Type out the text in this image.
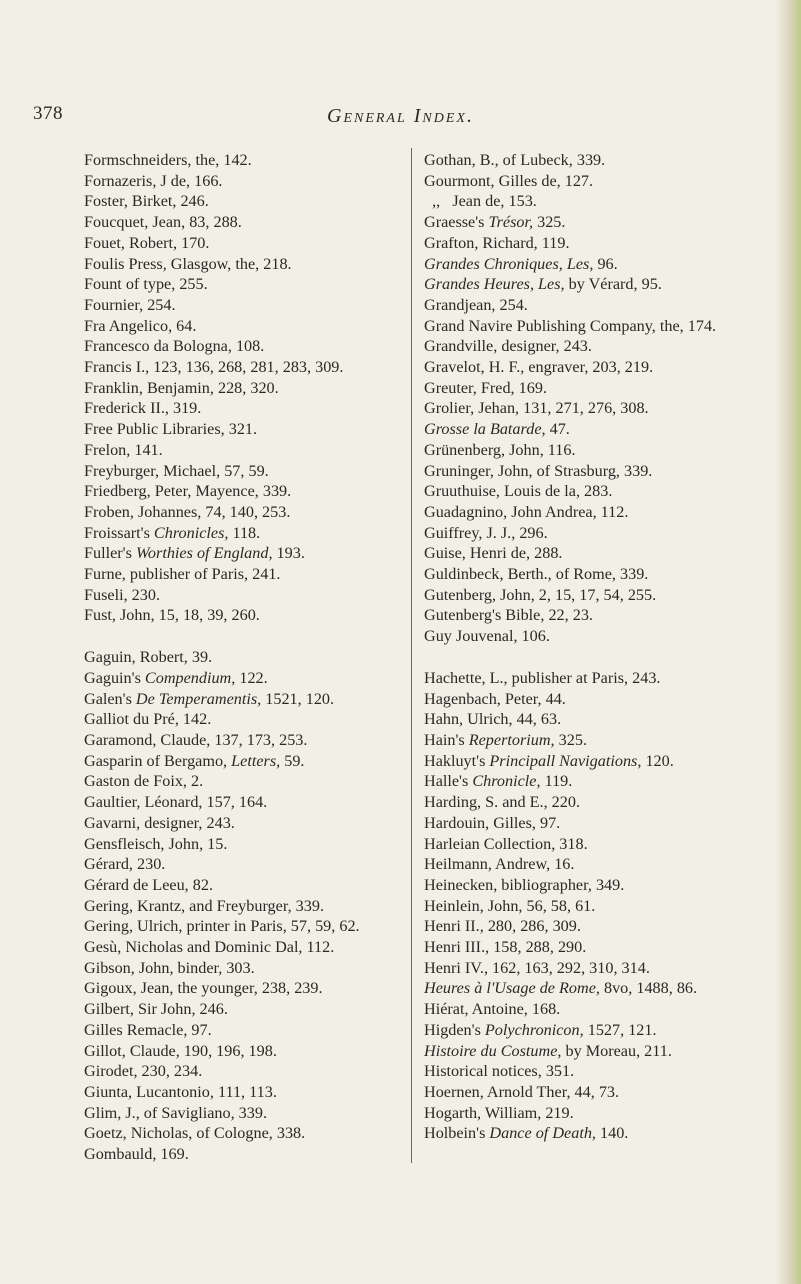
378	General Index.
Formschneiders, the, 142.
Fornazeris, J de, 166.
Foster, Birket, 246.
Foucquet, Jean, 83, 288.
Fouet, Robert, 170.
Foulis Press, Glasgow, the, 218.
Fount of type, 255.
Fournier, 254.
Fra Angelico, 64.
Francesco da Bologna, 108.
Francis I., 123, 136, 268, 281, 283, 309.
Franklin, Benjamin, 228, 320.
Frederick II., 319.
Free Public Libraries, 321.
Frelon, 141.
Freyburger, Michael, 57, 59.
Friedberg, Peter, Mayence, 339.
Froben, Johannes, 74, 140, 253.
Froissart's Chronicles, 118.
Fuller's Worthies of England, 193.
Furne, publisher of Paris, 241.
Fuseli, 230.
Fust, John, 15, 18, 39, 260.
Gaguin, Robert, 39.
Gaguin's Compendium, 122.
Galen's De Temperamentis, 1521, 120.
Galliot du Pré, 142.
Garamond, Claude, 137, 173, 253.
Gasparin of Bergamo, Letters, 59.
Gaston de Foix, 2.
Gaultier, Léonard, 157, 164.
Gavarni, designer, 243.
Gensfleisch, John, 15.
Gérard, 230.
Gérard de Leeu, 82.
Gering, Krantz, and Freyburger, 339.
Gering, Ulrich, printer in Paris, 57, 59, 62.
Gesù, Nicholas and Dominic Dal, 112.
Gibson, John, binder, 303.
Gigoux, Jean, the younger, 238, 239.
Gilbert, Sir John, 246.
Gilles Remacle, 97.
Gillot, Claude, 190, 196, 198.
Girodet, 230, 234.
Giunta, Lucantonio, 111, 113.
Glim, J., of Savigliano, 339.
Goetz, Nicholas, of Cologne, 338.
Gombauld, 169.
Gothan, B., of Lubeck, 339.
Gourmont, Gilles de, 127.
,,   Jean de, 153.
Graesse's Trésor, 325.
Grafton, Richard, 119.
Grandes Chroniques, Les, 96.
Grandes Heures, Les, by Vérard, 95.
Grandjean, 254.
Grand Navire Publishing Company, the, 174.
Grandville, designer, 243.
Gravelot, H. F., engraver, 203, 219.
Greuter, Fred, 169.
Grolier, Jehan, 131, 271, 276, 308.
Grosse la Batarde, 47.
Grünenberg, John, 116.
Gruninger, John, of Strasburg, 339.
Gruuthuise, Louis de la, 283.
Guadagnino, John Andrea, 112.
Guiffrey, J. J., 296.
Guise, Henri de, 288.
Guldinbeck, Berth., of Rome, 339.
Gutenberg, John, 2, 15, 17, 54, 255.
Gutenberg's Bible, 22, 23.
Guy Jouvenal, 106.
Hachette, L., publisher at Paris, 243.
Hagenbach, Peter, 44.
Hahn, Ulrich, 44, 63.
Hain's Repertorium, 325.
Hakluyt's Principall Navigations, 120.
Halle's Chronicle, 119.
Harding, S. and E., 220.
Hardouin, Gilles, 97.
Harleian Collection, 318.
Heilmann, Andrew, 16.
Heinecken, bibliographer, 349.
Heinlein, John, 56, 58, 61.
Henri II., 280, 286, 309.
Henri III., 158, 288, 290.
Henri IV., 162, 163, 292, 310, 314.
Heures à l'Usage de Rome, 8vo, 1488, 86.
Hiérat, Antoine, 168.
Higden's Polychronicon, 1527, 121.
Histoire du Costume, by Moreau, 211.
Historical notices, 351.
Hoernen, Arnold Ther, 44, 73.
Hogarth, William, 219.
Holbein's Dance of Death, 140.
